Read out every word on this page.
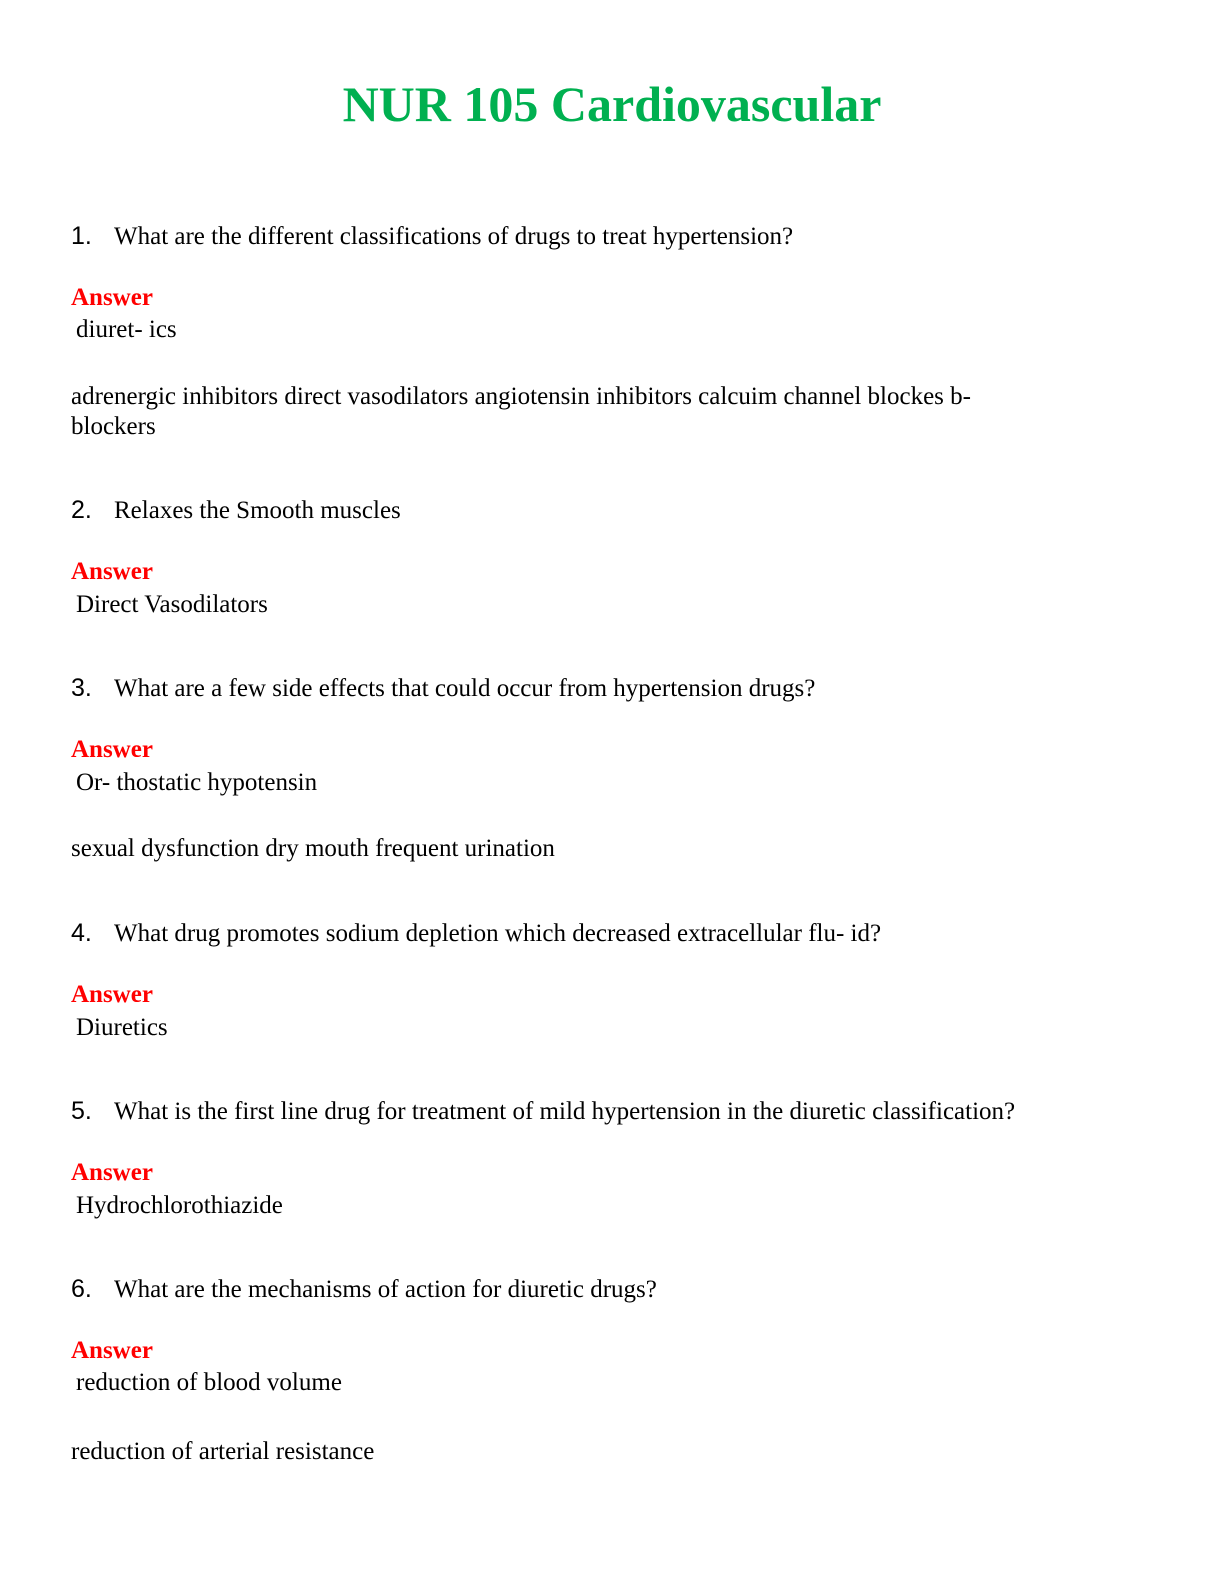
NUR 105 Cardiovascular
1. What are the different classifications of drugs to treat hypertension?
Answer
diuret- ics
adrenergic inhibitors direct vasodilators angiotensin inhibitors calcuim channel blockes b-
blockers
2. Relaxes the Smooth muscles
Answer
Direct Vasodilators
3. What are a few side effects that could occur from hypertension drugs?
Answer
Or- thostatic hypotensin
sexual dysfunction dry mouth frequent urination
4. What drug promotes sodium depletion which decreased extracellular flu- id?
Answer
Diuretics
5. What is the first line drug for treatment of mild hypertension in the diuretic classification?
Answer
Hydrochlorothiazide
6. What are the mechanisms of action for diuretic drugs?
Answer
reduction of blood volume
reduction of arterial resistance
